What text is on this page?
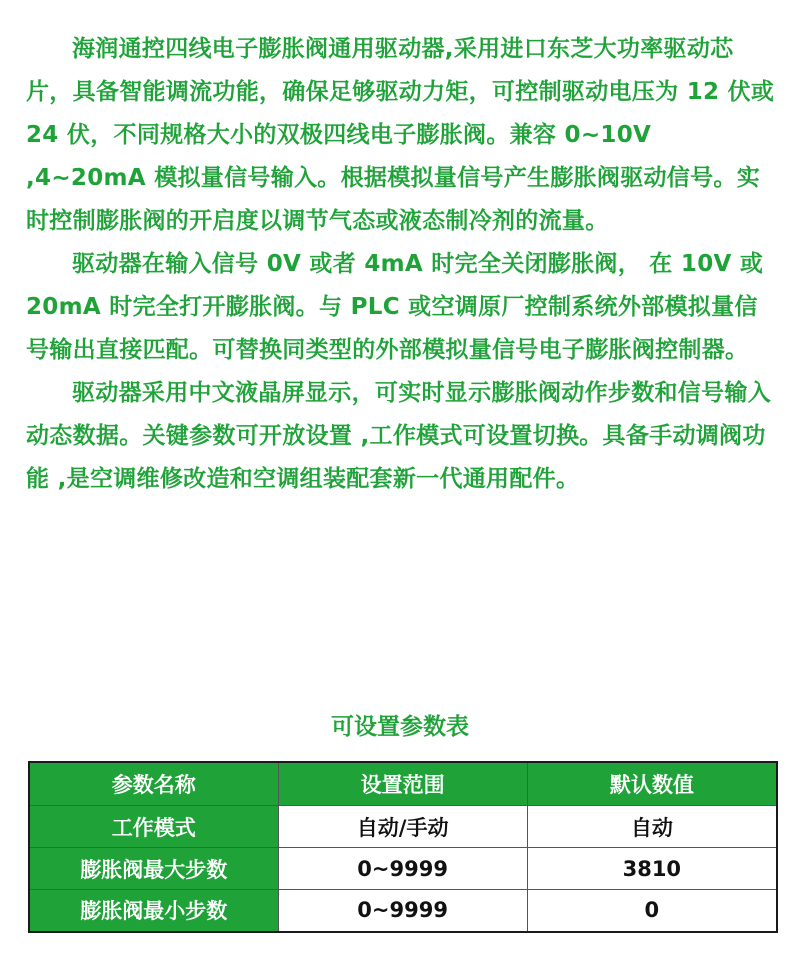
海润通控四线电子膨胀阀通用驱动器,采用进口东芝大功率驱动芯片，具备智能调流功能，确保足够驱动力矩，可控制驱动电压为 12 伏或 24 伏，不同规格大小的双极四线电子膨胀阀。兼容 0~10V ,4~20mA 模拟量信号输入。根据模拟量信号产生膨胀阀驱动信号。实时控制膨胀阀的开启度以调节气态或液态制冷剂的流量。

驱动器在输入信号 0V 或者 4mA 时完全关闭膨胀阀， 在 10V 或 20mA 时完全打开膨胀阀。与 PLC 或空调原厂控制系统外部模拟量信号输出直接匹配。可替换同类型的外部模拟量信号电子膨胀阀控制器。

驱动器采用中文液晶屏显示，可实时显示膨胀阀动作步数和信号输入动态数据。关键参数可开放设置 ,工作模式可设置切换。具备手动调阀功能 ,是空调维修改造和空调组装配套新一代通用配件。

可设置参数表
参数名称	设置范围	默认数值
工作模式	自动/手动	自动
膨胀阀最大步数	0~9999	3810
膨胀阀最小步数	0~9999	0
